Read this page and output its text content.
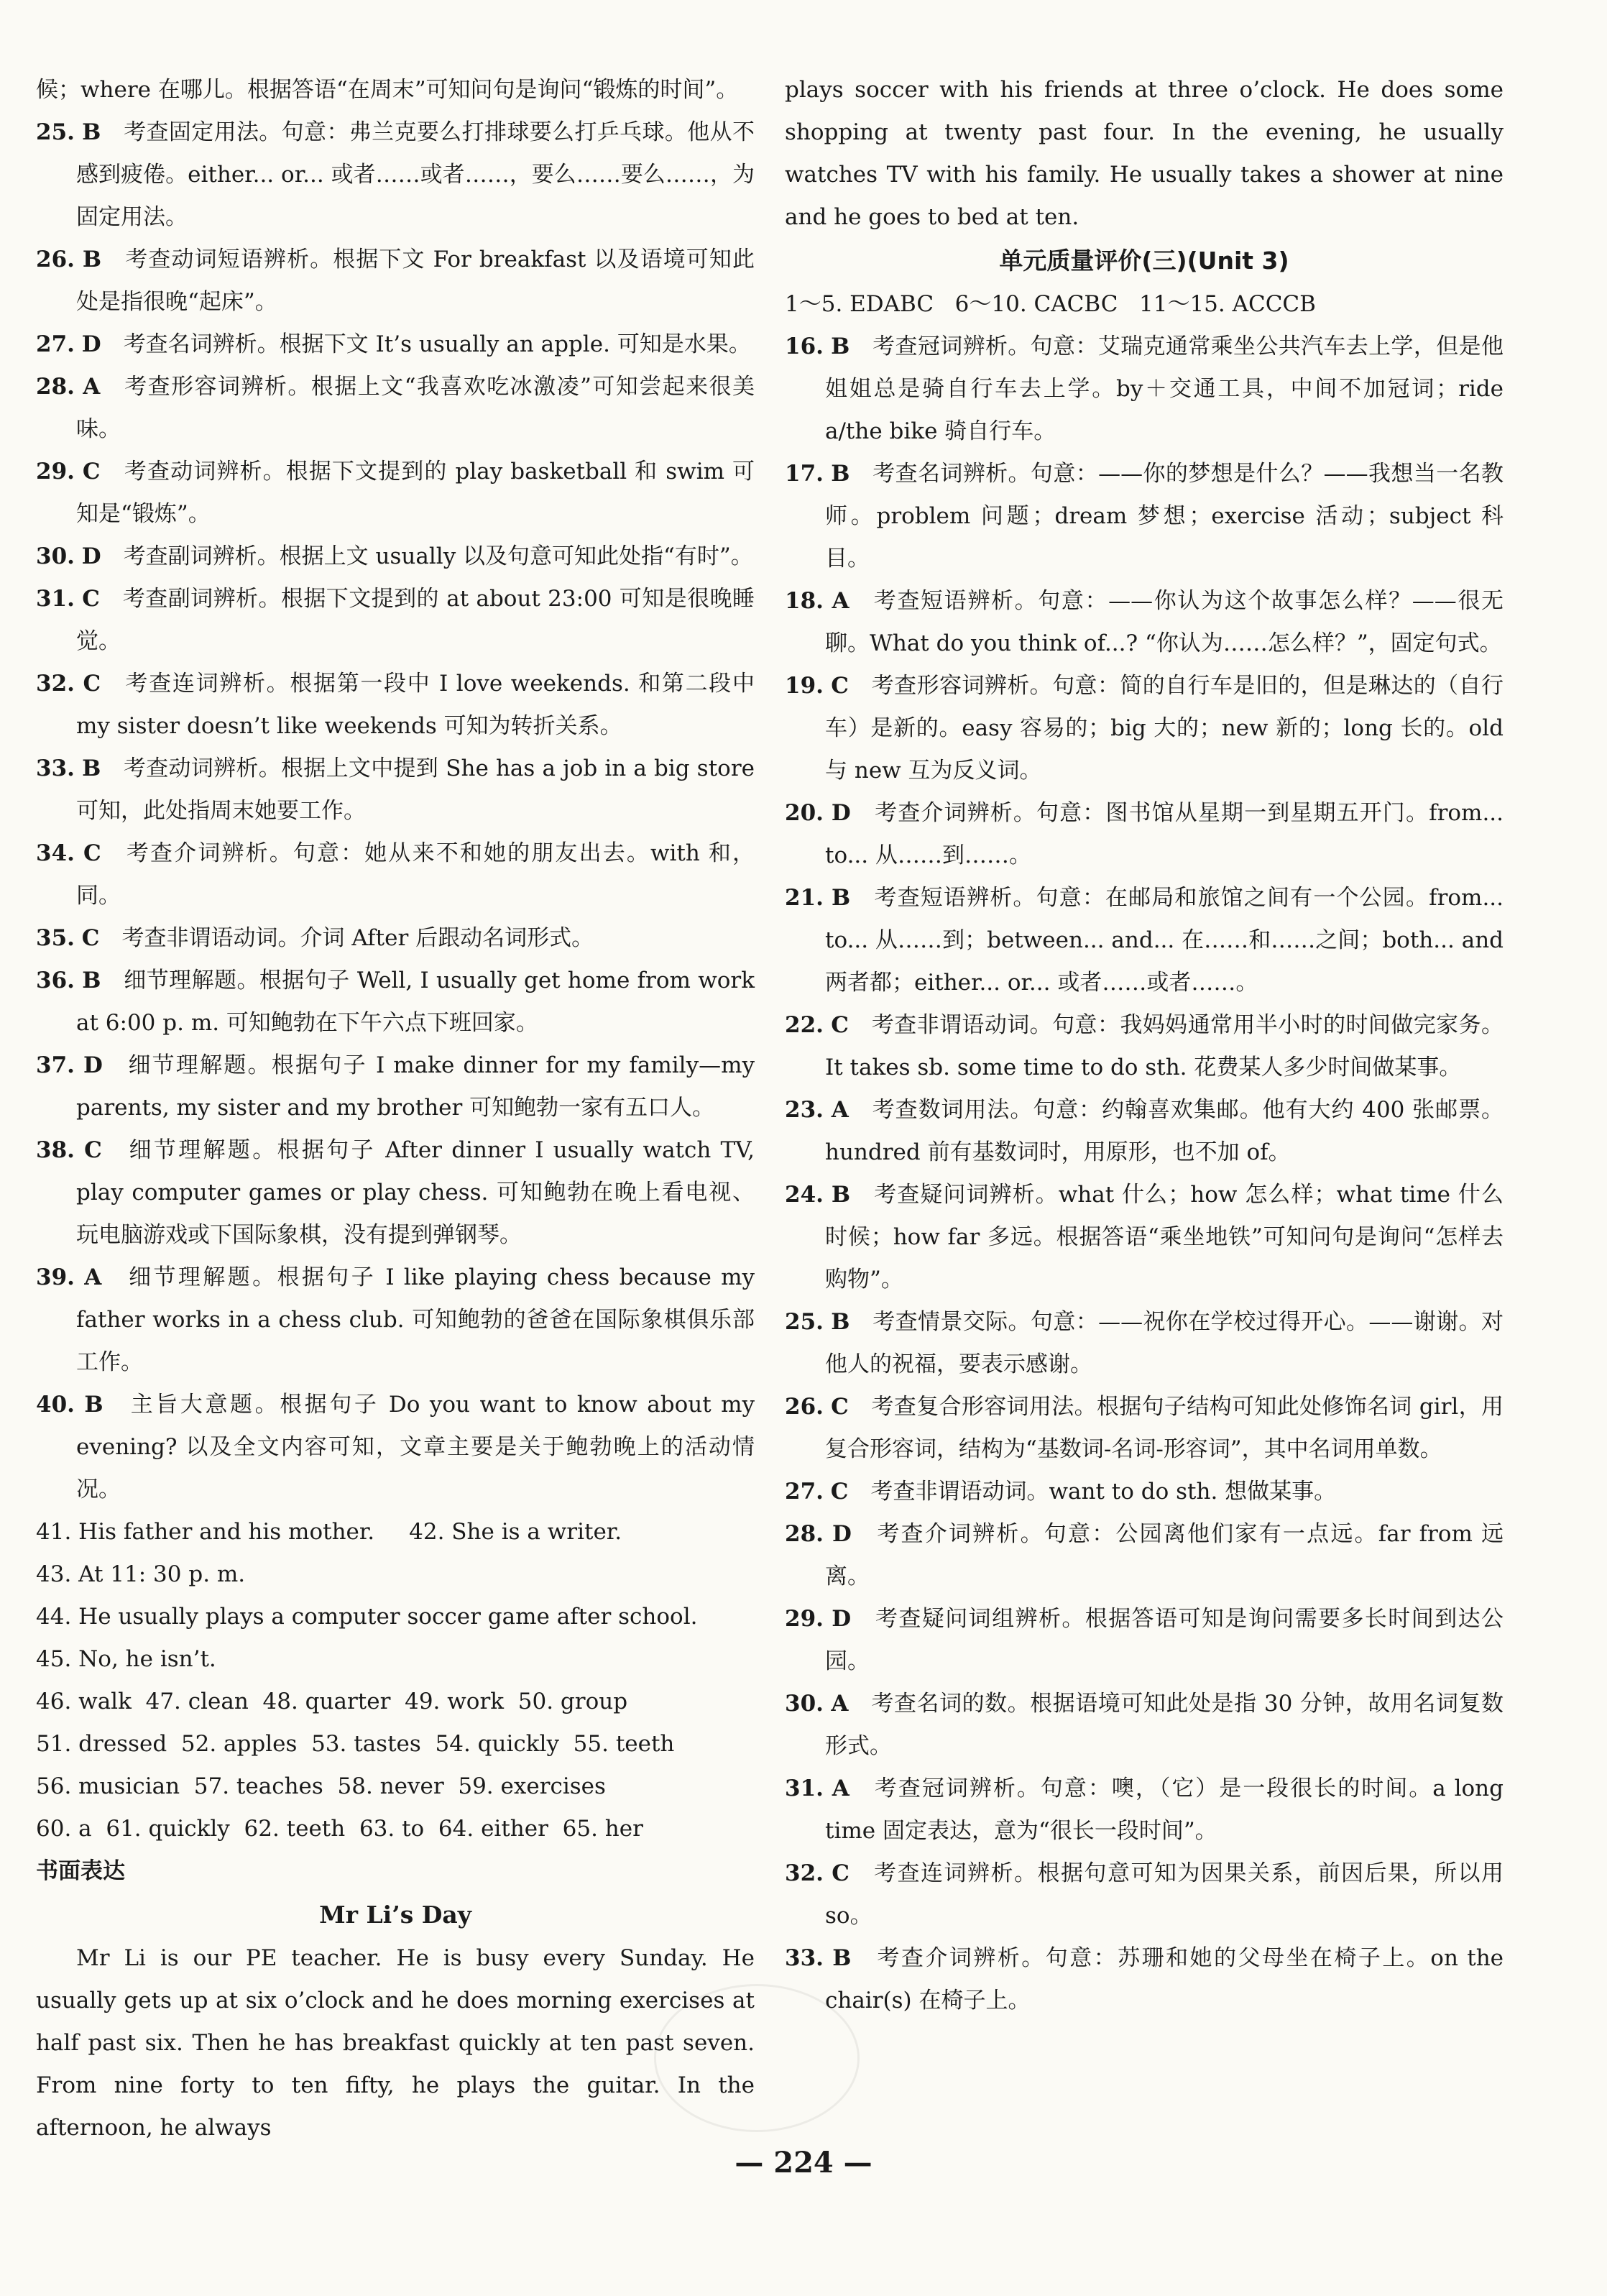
候；where 在哪儿。根据答语“在周末”可知问句是询问“锻炼的时间”。

25. B　 考查固定用法。句意：弗兰克要么打排球要么打乒乓球。他从不感到疲倦。either... or... 或者……或者……，要么……要么……，为固定用法。

26. B　 考查动词短语辨析。根据下文 For breakfast 以及语境可知此处是指很晚“起床”。

27. D　 考查名词辨析。根据下文 It’s usually an apple. 可知是水果。

28. A　 考查形容词辨析。根据上文“我喜欢吃冰激凌”可知尝起来很美味。

29. C　 考查动词辨析。根据下文提到的 play basketball 和 swim 可知是“锻炼”。

30. D　 考查副词辨析。根据上文 usually 以及句意可知此处指“有时”。

31. C　 考查副词辨析。根据下文提到的 at about 23:00 可知是很晚睡觉。

32. C　 考查连词辨析。根据第一段中 I love weekends. 和第二段中 my sister doesn’t like weekends 可知为转折关系。

33. B　 考查动词辨析。根据上文中提到 She has a job in a big store 可知，此处指周末她要工作。

34. C　 考查介词辨析。句意：她从来不和她的朋友出去。with 和，同。

35. C　 考查非谓语动词。介词 After 后跟动名词形式。

36. B　 细节理解题。根据句子 Well, I usually get home from work at 6:00 p. m. 可知鲍勃在下午六点下班回家。

37. D　 细节理解题。根据句子 I make dinner for my family—my parents, my sister and my brother 可知鲍勃一家有五口人。

38. C　 细节理解题。根据句子 After dinner I usually watch TV, play computer games or play chess. 可知鲍勃在晚上看电视、玩电脑游戏或下国际象棋，没有提到弹钢琴。

39. A　 细节理解题。根据句子 I like playing chess because my father works in a chess club. 可知鲍勃的爸爸在国际象棋俱乐部工作。

40. B　 主旨大意题。根据句子 Do you want to know about my evening? 以及全文内容可知，文章主要是关于鲍勃晚上的活动情况。

41. His father and his mother. 42. She is a writer.

43. At 11: 30 p. m.

44. He usually plays a computer soccer game after school.

45. No, he isn’t.

46. walk  47. clean  48. quarter  49. work  50. group

51. dressed  52. apples  53. tastes  54. quickly  55. teeth

56. musician  57. teaches  58. never  59. exercises

60. a  61. quickly  62. teeth  63. to  64. either  65. her

书面表达

Mr Li’s Day

Mr Li is our PE teacher. He is busy every Sunday. He usually gets up at six o’clock and he does morning exercises at half past six. Then he has breakfast quickly at ten past seven. From nine forty to ten fifty, he plays the guitar. In the afternoon, he always

plays soccer with his friends at three o’clock. He does some shopping at twenty past four. In the evening, he usually watches TV with his family. He usually takes a shower at nine and he goes to bed at ten.

单元质量评价(三)(Unit 3)

1～5. EDABC   6～10. CACBC   11～15. ACCCB

16. B　 考查冠词辨析。句意：艾瑞克通常乘坐公共汽车去上学，但是他姐姐总是骑自行车去上学。by＋交通工具，中间不加冠词；ride a/the bike 骑自行车。

17. B　 考查名词辨析。句意：——你的梦想是什么？——我想当一名教师。problem 问题；dream 梦想；exercise 活动；subject 科目。

18. A　 考查短语辨析。句意：——你认为这个故事怎么样？——很无聊。What do you think of...? “你认为……怎么样？”，固定句式。

19. C　 考查形容词辨析。句意：简的自行车是旧的，但是琳达的（自行车）是新的。easy 容易的；big 大的；new 新的；long 长的。old 与 new 互为反义词。

20. D　 考查介词辨析。句意：图书馆从星期一到星期五开门。from... to... 从……到……。

21. B　 考查短语辨析。句意：在邮局和旅馆之间有一个公园。from... to... 从……到；between... and... 在……和……之间；both... and 两者都；either... or... 或者……或者……。

22. C　 考查非谓语动词。句意：我妈妈通常用半小时的时间做完家务。It takes sb. some time to do sth. 花费某人多少时间做某事。

23. A　 考查数词用法。句意：约翰喜欢集邮。他有大约 400 张邮票。hundred 前有基数词时，用原形，也不加 of。

24. B　 考查疑问词辨析。what 什么；how 怎么样；what time 什么时候；how far 多远。根据答语“乘坐地铁”可知问句是询问“怎样去购物”。

25. B　 考查情景交际。句意：——祝你在学校过得开心。——谢谢。对他人的祝福，要表示感谢。

26. C　 考查复合形容词用法。根据句子结构可知此处修饰名词 girl，用复合形容词，结构为“基数词-名词-形容词”，其中名词用单数。

27. C　 考查非谓语动词。want to do sth. 想做某事。

28. D　 考查介词辨析。句意：公园离他们家有一点远。far from 远离。

29. D　 考查疑问词组辨析。根据答语可知是询问需要多长时间到达公园。

30. A　 考查名词的数。根据语境可知此处是指 30 分钟，故用名词复数形式。

31. A　 考查冠词辨析。句意：噢，（它）是一段很长的时间。a long time 固定表达，意为“很长一段时间”。

32. C　 考查连词辨析。根据句意可知为因果关系，前因后果，所以用 so。

33. B　 考查介词辨析。句意：苏珊和她的父母坐在椅子上。on the chair(s) 在椅子上。

— 224 —
